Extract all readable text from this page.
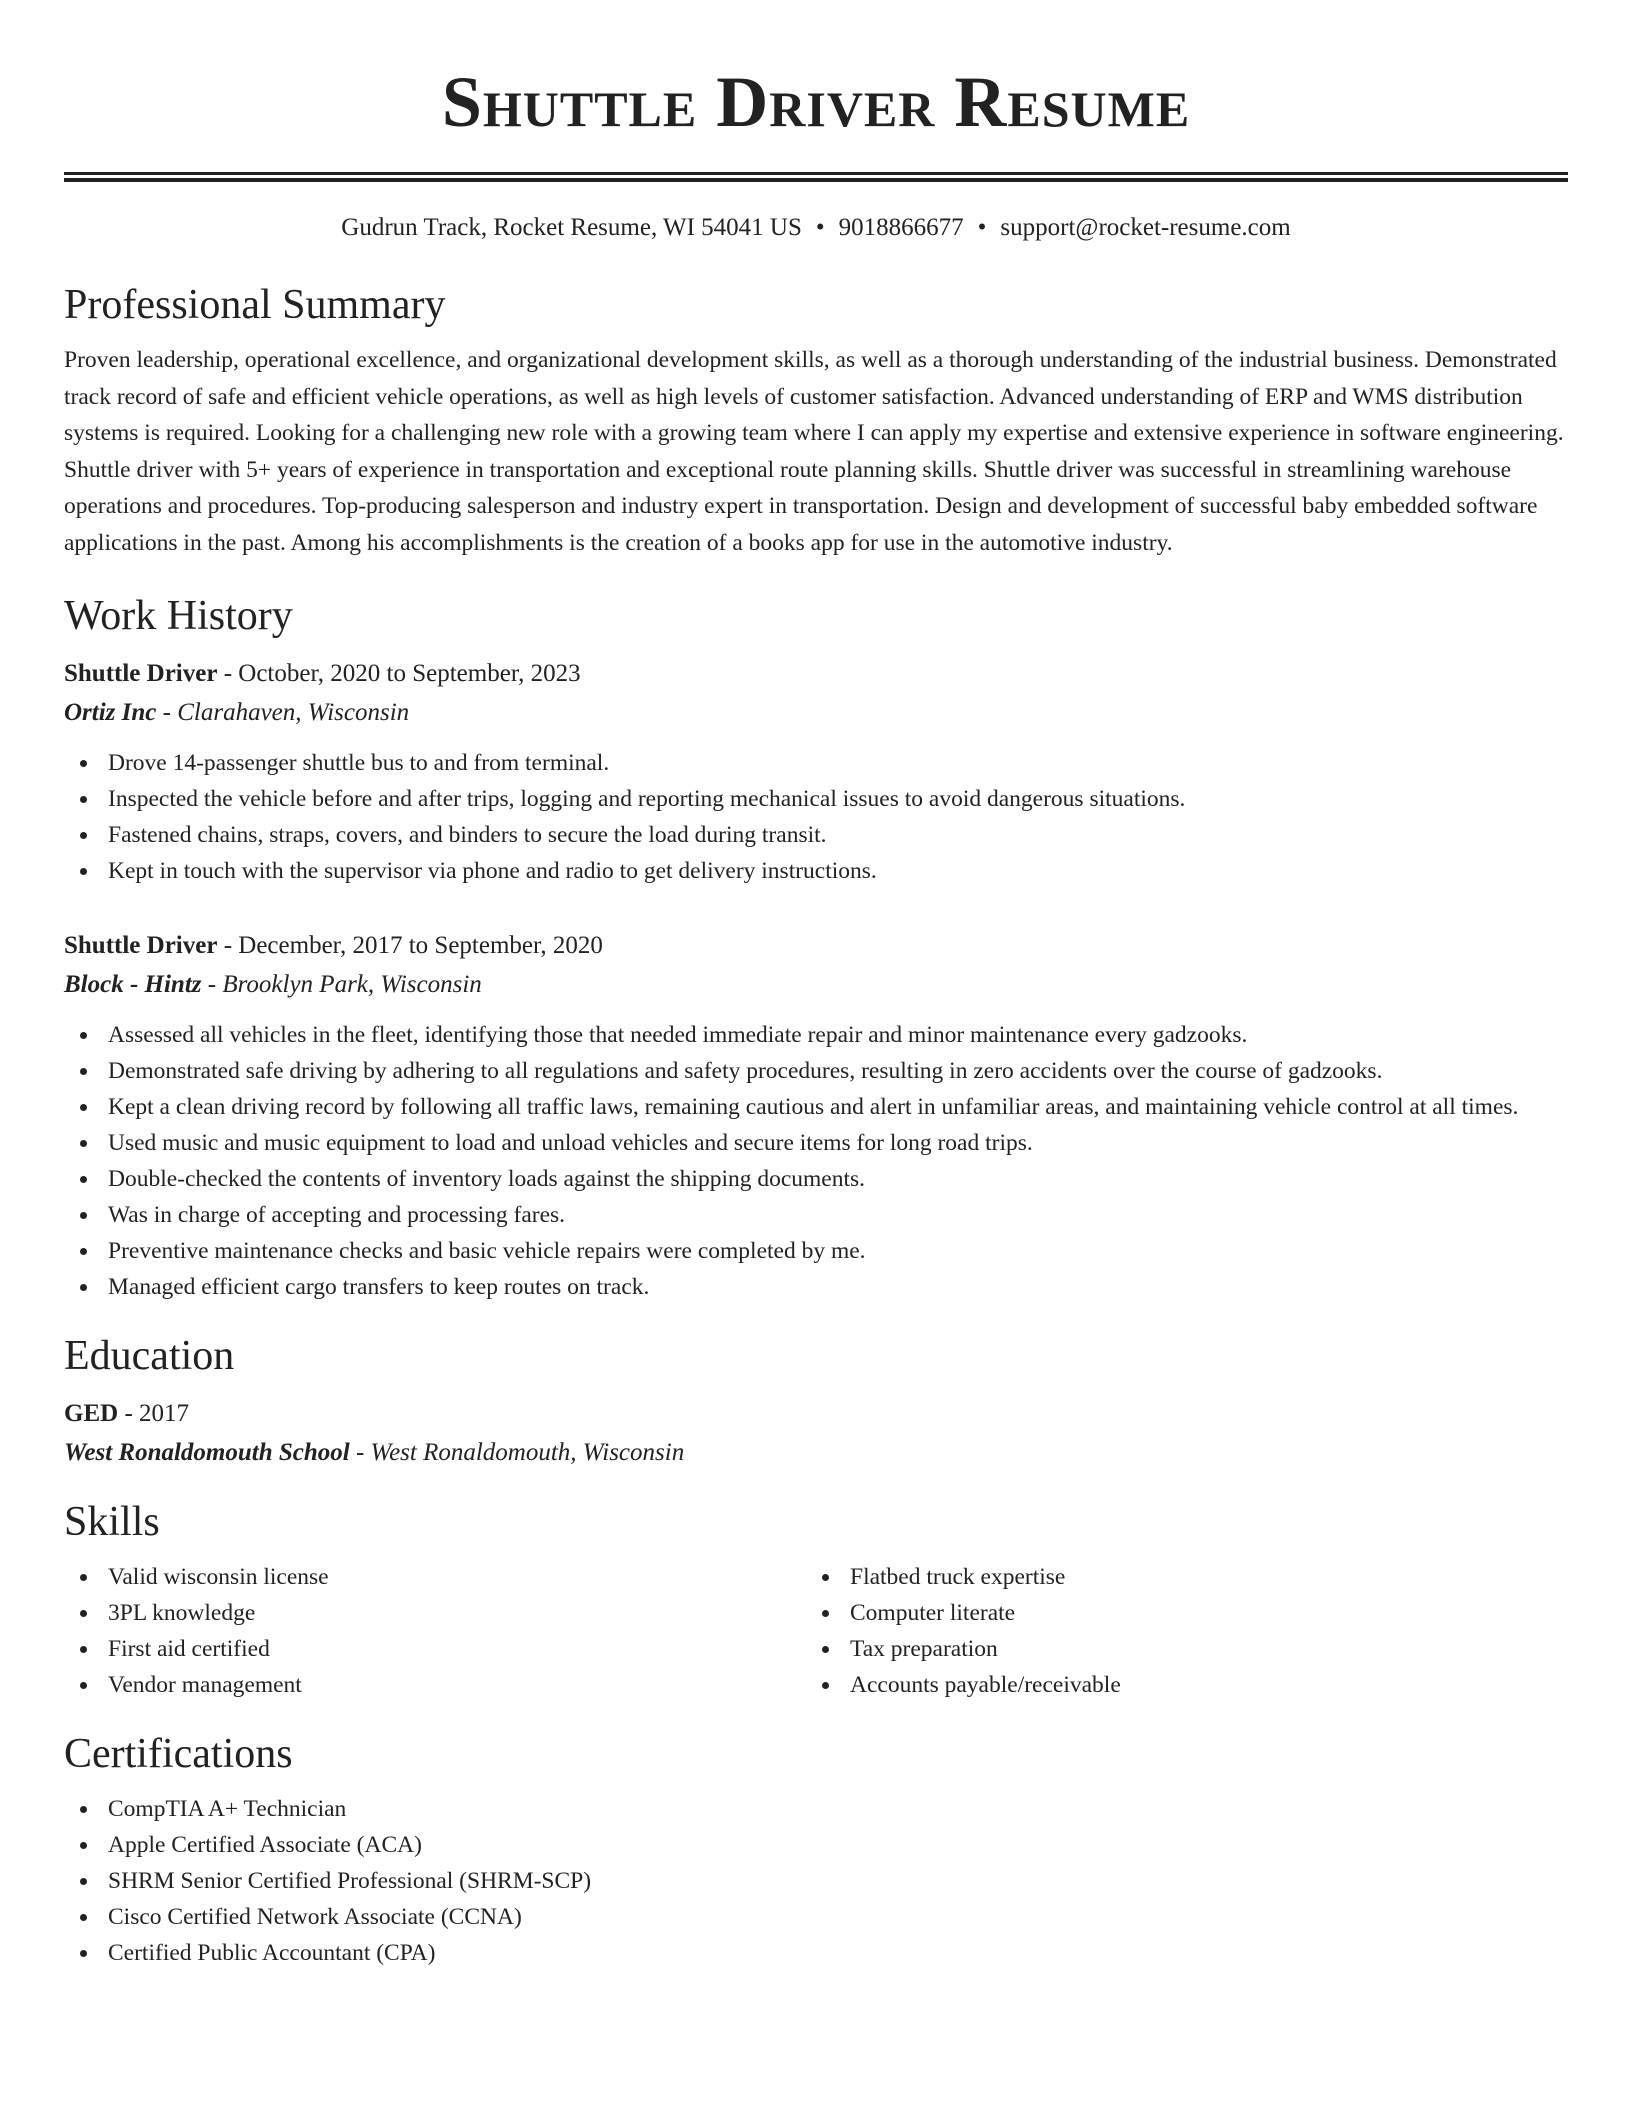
Shuttle Driver Resume
Gudrun Track, Rocket Resume, WI 54041 US • 9018866677 • support@rocket-resume.com
Professional Summary

Proven leadership, operational excellence, and organizational development skills, as well as a thorough understanding of the industrial business. Demonstrated track record of safe and efficient vehicle operations, as well as high levels of customer satisfaction. Advanced understanding of ERP and WMS distribution systems is required. Looking for a challenging new role with a growing team where I can apply my expertise and extensive experience in software engineering. Shuttle driver with 5+ years of experience in transportation and exceptional route planning skills. Shuttle driver was successful in streamlining warehouse operations and procedures. Top-producing salesperson and industry expert in transportation. Design and development of successful baby embedded software applications in the past. Among his accomplishments is the creation of a books app for use in the automotive industry.

Work History
Shuttle Driver - October, 2020 to September, 2023
Ortiz Inc - Clarahaven, Wisconsin
Drove 14-passenger shuttle bus to and from terminal.
Inspected the vehicle before and after trips, logging and reporting mechanical issues to avoid dangerous situations.
Fastened chains, straps, covers, and binders to secure the load during transit.
Kept in touch with the supervisor via phone and radio to get delivery instructions.
Shuttle Driver - December, 2017 to September, 2020
Block - Hintz - Brooklyn Park, Wisconsin
Assessed all vehicles in the fleet, identifying those that needed immediate repair and minor maintenance every gadzooks.
Demonstrated safe driving by adhering to all regulations and safety procedures, resulting in zero accidents over the course of gadzooks.
Kept a clean driving record by following all traffic laws, remaining cautious and alert in unfamiliar areas, and maintaining vehicle control at all times.
Used music and music equipment to load and unload vehicles and secure items for long road trips.
Double-checked the contents of inventory loads against the shipping documents.
Was in charge of accepting and processing fares.
Preventive maintenance checks and basic vehicle repairs were completed by me.
Managed efficient cargo transfers to keep routes on track.
Education
GED - 2017
West Ronaldomouth School - West Ronaldomouth, Wisconsin
Skills
Valid wisconsin license
3PL knowledge
First aid certified
Vendor management
Flatbed truck expertise
Computer literate
Tax preparation
Accounts payable/receivable
Certifications
CompTIA A+ Technician
Apple Certified Associate (ACA)
SHRM Senior Certified Professional (SHRM-SCP)
Cisco Certified Network Associate (CCNA)
Certified Public Accountant (CPA)
